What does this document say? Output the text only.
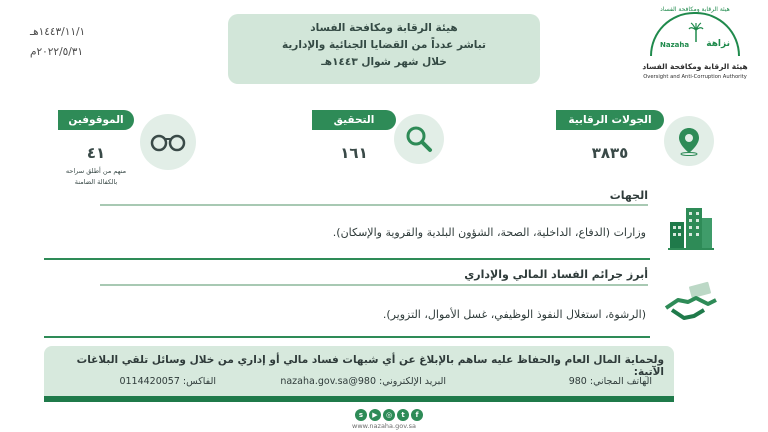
١٤٤٣/١١/١هـ
٢٠٢٢/٥/٣١م
هيئة الرقابة ومكافحة الفساد
تباشر عدداً من القضايا الجنائية والإدارية
خلال شهر شوال ١٤٤٣هـ
هيئة الرقابة ومكافحة الفساد
Nazaha نزاهة
هيئة الرقابة ومكافحة الفساد
Oversight and Anti-Corruption Authority
الجولات الرقابية
٣٨٣٥
التحقيق
١٦١
الموقوفين
٤١
منهم من أطلق سراحه
بالكفالة الضامنة
الجهات
وزارات (الدفاع، الداخلية، الصحة، الشؤون البلدية والقروية والإسكان).
أبرز جرائم الفساد المالي والإداري
(الرشوة، استغلال النفوذ الوظيفي، غسل الأموال، التزوير).
ولحماية المال العام والحفاظ عليه ساهم بالإبلاغ عن أي شبهات فساد مالي أو إداري من خلال وسائل تلقي البلاغات الآتية:
الهاتف المجاني: 980
البريد الإلكتروني: 980@nazaha.gov.sa
الفاكس: 0114420057
s	▶	◎	t	f
www.nazaha.gov.sa
